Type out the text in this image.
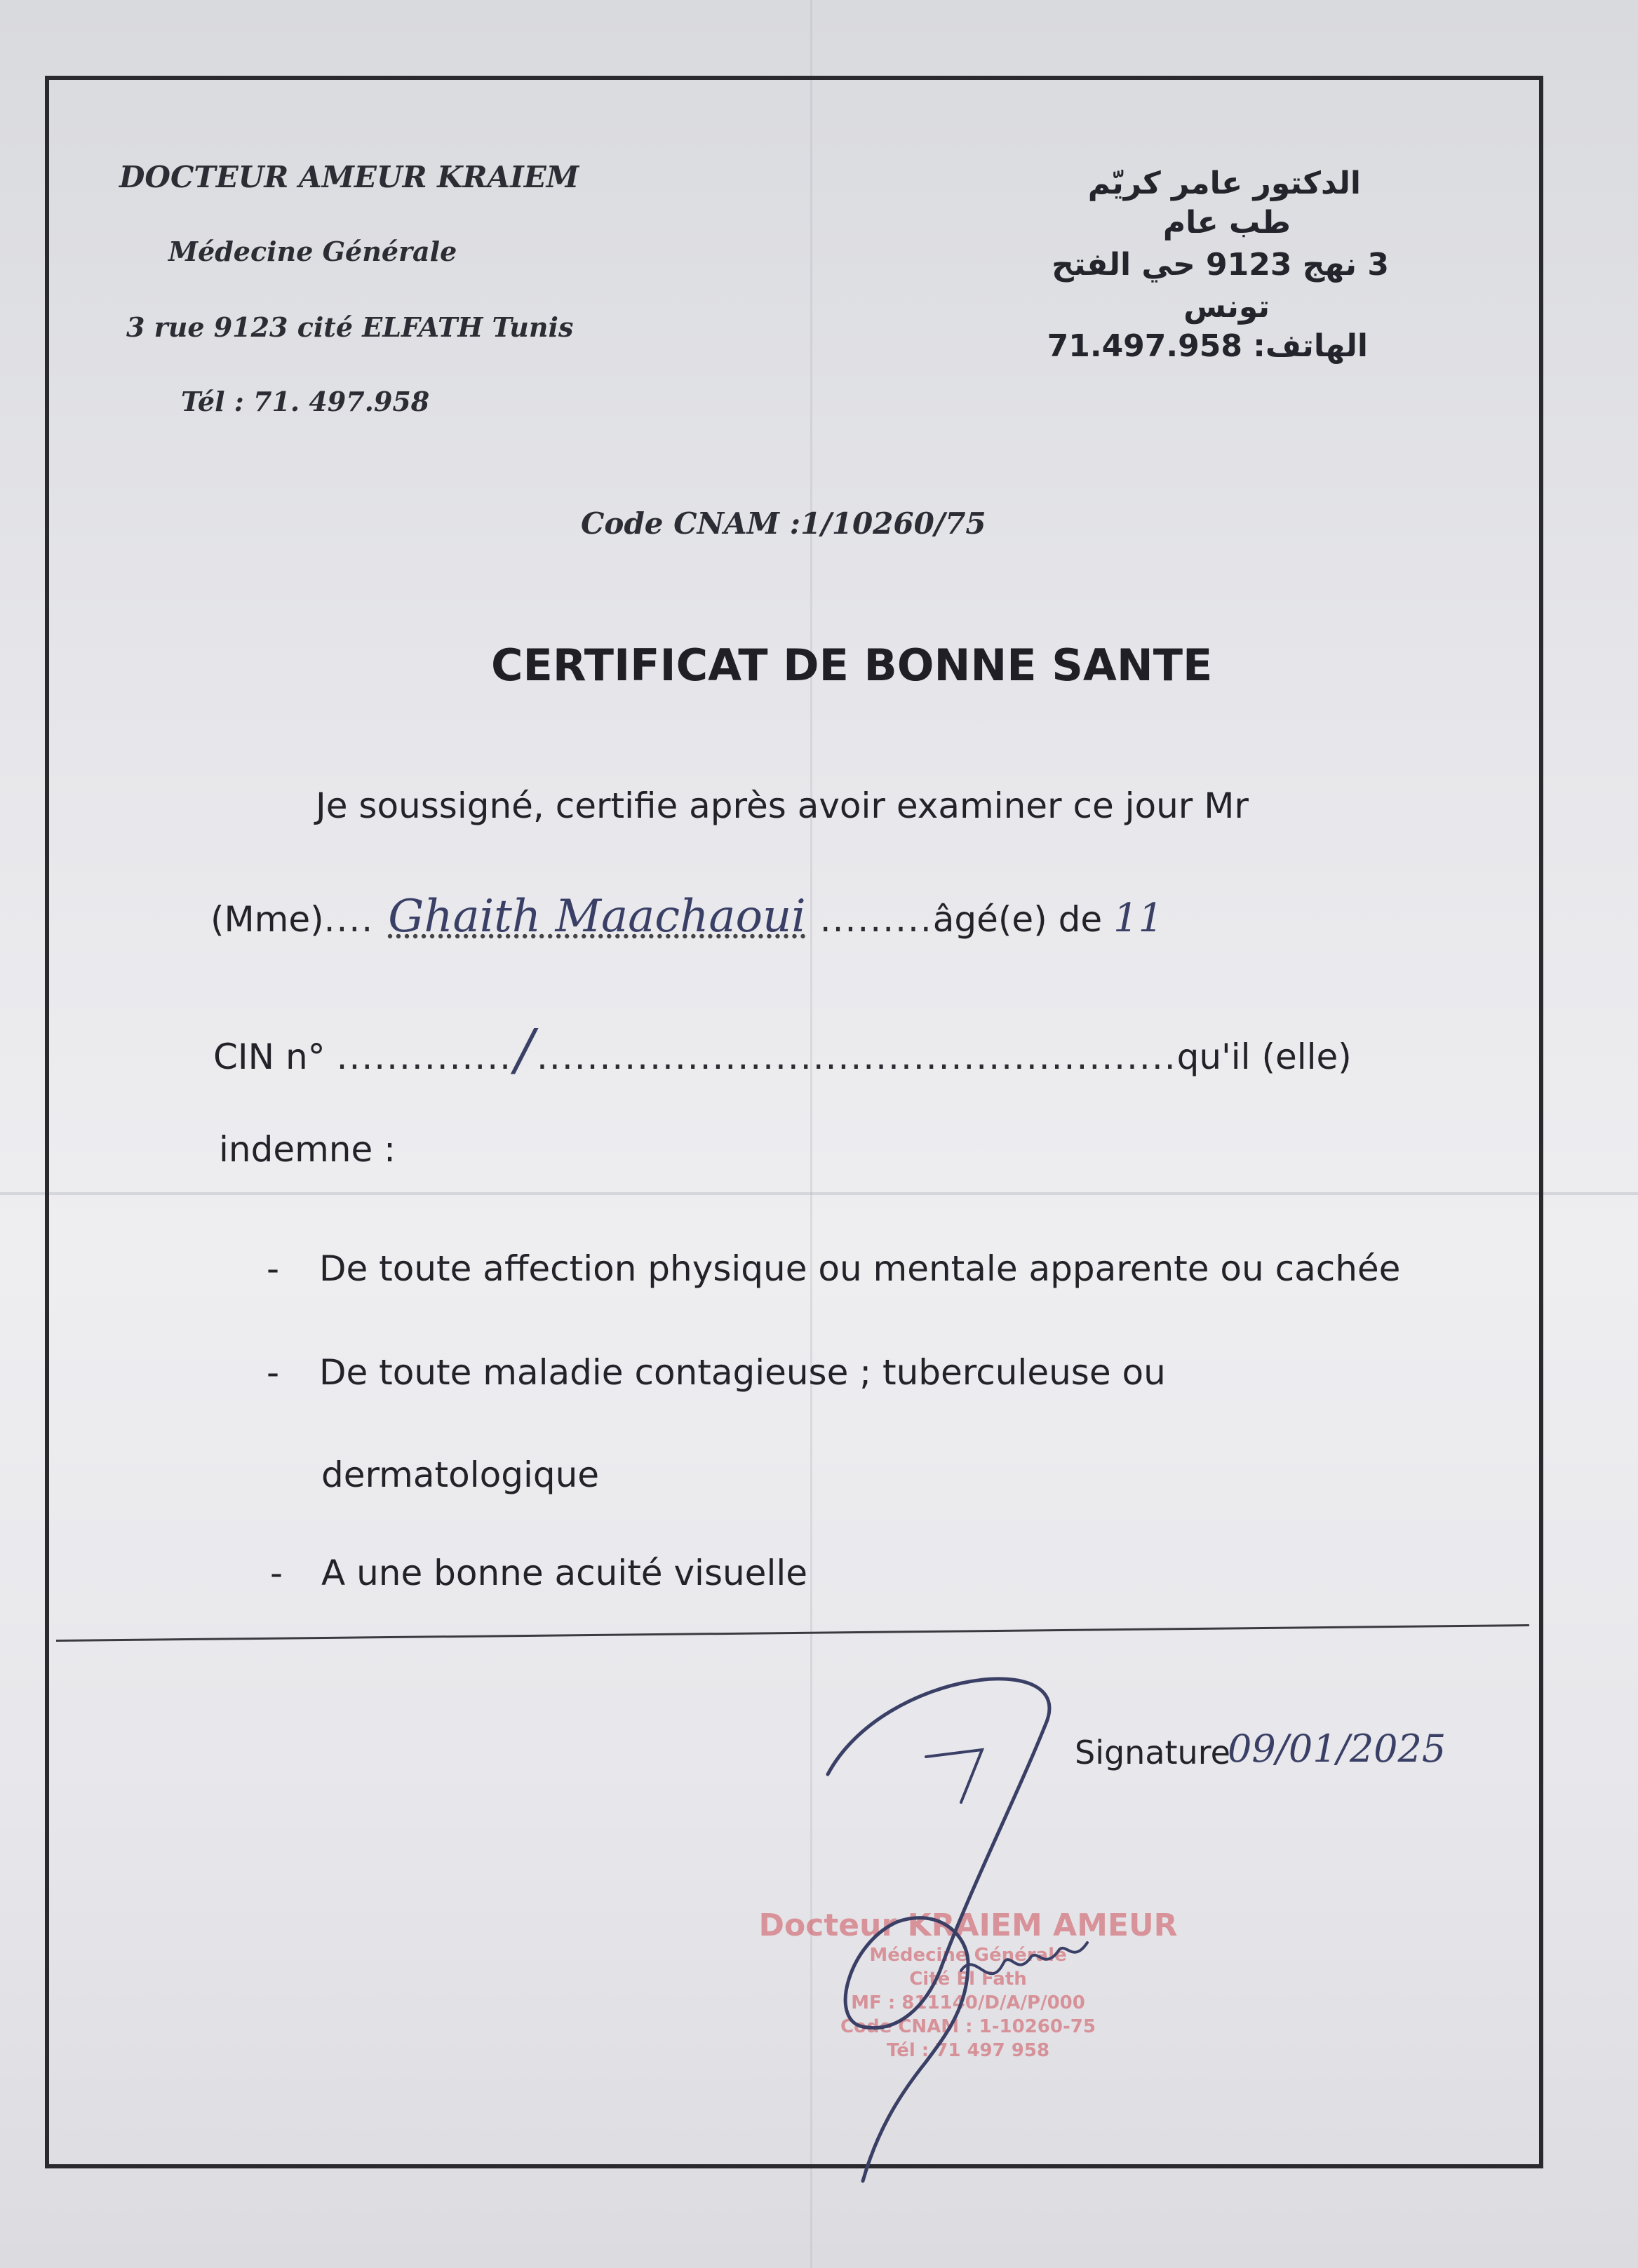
DOCTEUR AMEUR KRAIEM
Médecine Générale
3 rue 9123 cité ELFATH Tunis
Tél : 71. 497.958
الدكتور عامر كريّم
طب عام
3 نهج 9123 حي الفتح
تونس
الهاتف: 71.497.958
Code CNAM :1/10260/75
CERTIFICAT DE BONNE SANTE
Je soussigné, certifie après avoir examiner ce jour Mr
(Mme).... Ghaith Maachaoui .........âgé(e) de 11
CIN n° ............../...................................................qu'il (elle)
indemne :
- De toute affection physique ou mentale apparente ou cachée
- De toute maladie contagieuse ; tuberculeuse ou
dermatologique
- A une bonne acuité visuelle
Signature
09/01/2025
Docteur KRAIEM AMEUR
Médecine Générale
Cité El Fath
MF : 811140/D/A/P/000
Code CNAM : 1-10260-75
Tél : 71 497 958
